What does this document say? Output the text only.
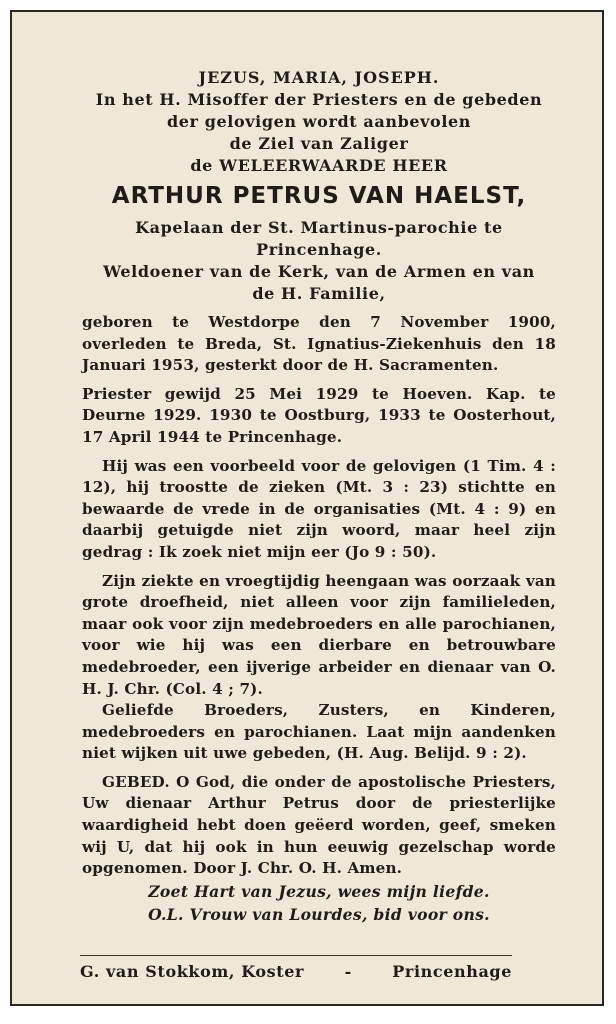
JEZUS, MARIA, JOSEPH.
In het H. Misoffer der Priesters en de gebeden
der gelovigen wordt aanbevolen
de Ziel van Zaliger
de WELEERWAARDE HEER
ARTHUR PETRUS VAN HAELST,
Kapelaan der St. Martinus-parochie te
Princenhage.
Weldoener van de Kerk, van de Armen en van
de H. Familie,
geboren te Westdorpe den 7 November 1900, overleden te Breda, St. Ignatius-Ziekenhuis den 18 Januari 1953, gesterkt door de H. Sacramenten.
Priester gewijd 25 Mei 1929 te Hoeven. Kap. te Deurne 1929. 1930 te Oostburg, 1933 te Oosterhout, 17 April 1944 te Princenhage.
Hij was een voorbeeld voor de gelovigen (1 Tim. 4 : 12), hij troostte de zieken (Mt. 3 : 23) stichtte en bewaarde de vrede in de organisaties (Mt. 4 : 9) en daarbij getuigde niet zijn woord, maar heel zijn gedrag : Ik zoek niet mijn eer (Jo 9 : 50).
Zijn ziekte en vroegtijdig heengaan was oorzaak van grote droefheid, niet alleen voor zijn familieleden, maar ook voor zijn medebroeders en alle parochianen, voor wie hij was een dierbare en betrouwbare medebroeder, een ijverige arbeider en dienaar van O. H. J. Chr. (Col. 4 ; 7).
Geliefde Broeders, Zusters, en Kinderen, medebroeders en parochianen. Laat mijn aandenken niet wijken uit uwe gebeden, (H. Aug. Belijd. 9 : 2).
GEBED. O God, die onder de apostolische Priesters, Uw dienaar Arthur Petrus door de priesterlijke waardigheid hebt doen geëerd worden, geef, smeken wij U, dat hij ook in hun eeuwig gezelschap worde opgenomen. Door J. Chr. O. H. Amen.
Zoet Hart van Jezus, wees mijn liefde.
O.L. Vrouw van Lourdes, bid voor ons.
G. van Stokkom, Koster	-	Princenhage
